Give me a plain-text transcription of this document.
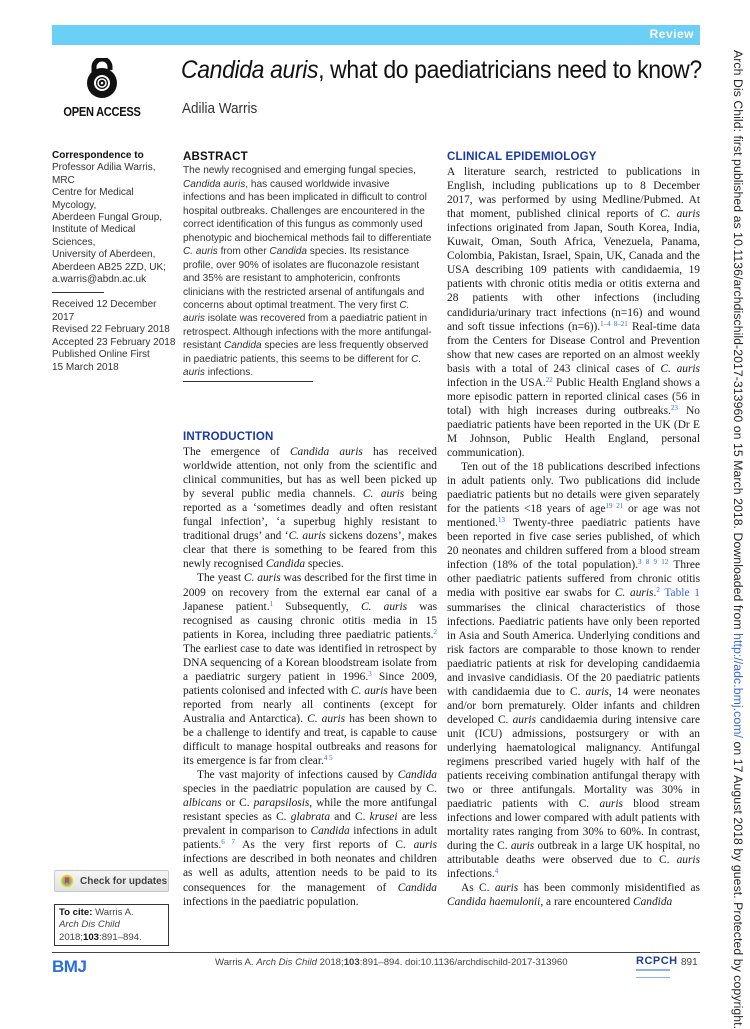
Review
OPEN ACCESS
Candida auris, what do paediatricians need to know?
Adilia Warris
Correspondence to

Professor Adilia Warris, MRC

Centre for Medical Mycology,

Aberdeen Fungal Group,

Institute of Medical Sciences,

University of Aberdeen,

Aberdeen AB25 2ZD, UK;

a.warris@abdn.ac.uk

Received 12 December 2017

Revised 22 February 2018

Accepted 23 February 2018

Published Online First

15 March 2018

ABSTRACT

The newly recognised and emerging fungal species, Candida auris, has caused worldwide invasive infections and has been implicated in difficult to control hospital outbreaks. Challenges are encountered in the correct identification of this fungus as commonly used phenotypic and biochemical methods fail to differentiate C. auris from other Candida species. Its resistance profile, over 90% of isolates are fluconazole resistant and 35% are resistant to amphotericin, confronts clinicians with the restricted arsenal of antifungals and concerns about optimal treatment. The very first C. auris isolate was recovered from a paediatric patient in retrospect. Although infections with the more antifungal-resistant Candida species are less frequently observed in paediatric patients, this seems to be different for C. auris infections.

INTRODUCTION

The emergence of Candida auris has received worldwide attention, not only from the scientific and clinical communities, but has as well been picked up by several public media channels. C. auris being reported as a ‘sometimes deadly and often resistant fungal infection’, ‘a superbug highly resistant to traditional drugs’ and ‘C. auris sickens dozens’, makes clear that there is something to be feared from this newly recognised Candida species.

The yeast C. auris was described for the first time in 2009 on recovery from the external ear canal of a Japanese patient.$^1$ Subsequently, C. auris was recognised as causing chronic otitis media in 15 patients in Korea, including three paediatric patients.$^2$ The earliest case to date was identified in retrospect by DNA sequencing of a Korean bloodstream isolate from a paediatric surgery patient in 1996.$^3$ Since 2009, patients colonised and infected with C. auris have been reported from nearly all continents (except for Australia and Antarctica). C. auris has been shown to be a challenge to identify and treat, is capable to cause difficult to manage hospital outbreaks and reasons for its emergence is far from clear.$^{4 5}$

The vast majority of infections caused by Candida species in the paediatric population are caused by C. albicans or C. parapsilosis, while the more antifungal resistant species as C. glabrata and C. krusei are less prevalent in comparison to Candida infections in adult patients.$^{6 7}$ As the very first reports of C. auris infections are described in both neonates and children as well as adults, attention needs to be paid to its consequences for the management of Candida infections in the paediatric population.

CLINICAL EPIDEMIOLOGY

A literature search, restricted to publications in English, including publications up to 8 December 2017, was performed by using Medline/Pubmed. At that moment, published clinical reports of C. auris infections originated from Japan, South Korea, India, Kuwait, Oman, South Africa, Venezuela, Panama, Colombia, Pakistan, Israel, Spain, UK, Canada and the USA describing 109 patients with candidaemia, 19 patients with chronic otitis media or otitis externa and 28 patients with other infections (including candiduria/urinary tract infections (n=16) and wound and soft tissue infections (n=6)).$^{1-4 8-21}$ Real-time data from the Centers for Disease Control and Prevention show that new cases are reported on an almost weekly basis with a total of 243 clinical cases of C. auris infection in the USA.$^{22}$ Public Health England shows a more episodic pattern in reported clinical cases (56 in total) with high increases during outbreaks.$^{23}$ No paediatric patients have been reported in the UK (Dr E M Johnson, Public Health England, personal communication).

Ten out of the 18 publications described infections in adult patients only. Two publications did include paediatric patients but no details were given separately for the patients <18 years of age$^{19 21}$ or age was not mentioned.$^{13}$ Twenty-three paediatric patients have been reported in five case series published, of which 20 neonates and children suffered from a blood stream infection (18% of the total population).$^{3 8 9 12}$ Three other paediatric patients suffered from chronic otitis media with positive ear swabs for C. auris.$^2$ Table 1 summarises the clinical characteristics of those infections. Paediatric patients have only been reported in Asia and South America. Underlying conditions and risk factors are comparable to those known to render paediatric patients at risk for developing candidaemia and invasive candidiasis. Of the 20 paediatric patients with candidaemia due to C. auris, 14 were neonates and/or born prematurely. Older infants and children developed C. auris candidaemia during intensive care unit (ICU) admissions, postsurgery or with an underlying haematological malignancy. Antifungal regimens prescribed varied hugely with half of the patients receiving combination antifungal therapy with two or three antifungals. Mortality was 30% in paediatric patients with C. auris blood stream infections and lower compared with adult patients with mortality rates ranging from 30% to 60%. In contrast, during the C. auris outbreak in a large UK hospital, no attributable deaths were observed due to C. auris infections.$^4$

As C. auris has been commonly misidentified as Candida haemulonii, a rare encountered Candida

Check for updates
To cite: Warris A.
Arch Dis Child
2018;103:891–894.
BMJ	Warris A. Arch Dis Child 2018;103:891–894. doi:10.1136/archdischild-2017-313960	RCPCH 891
Arch Dis Child: first published as 10.1136/archdischild-2017-313960 on 15 March 2018. Downloaded from http://adc.bmj.com/ on 17 August 2018 by guest. Protected by copyright.
